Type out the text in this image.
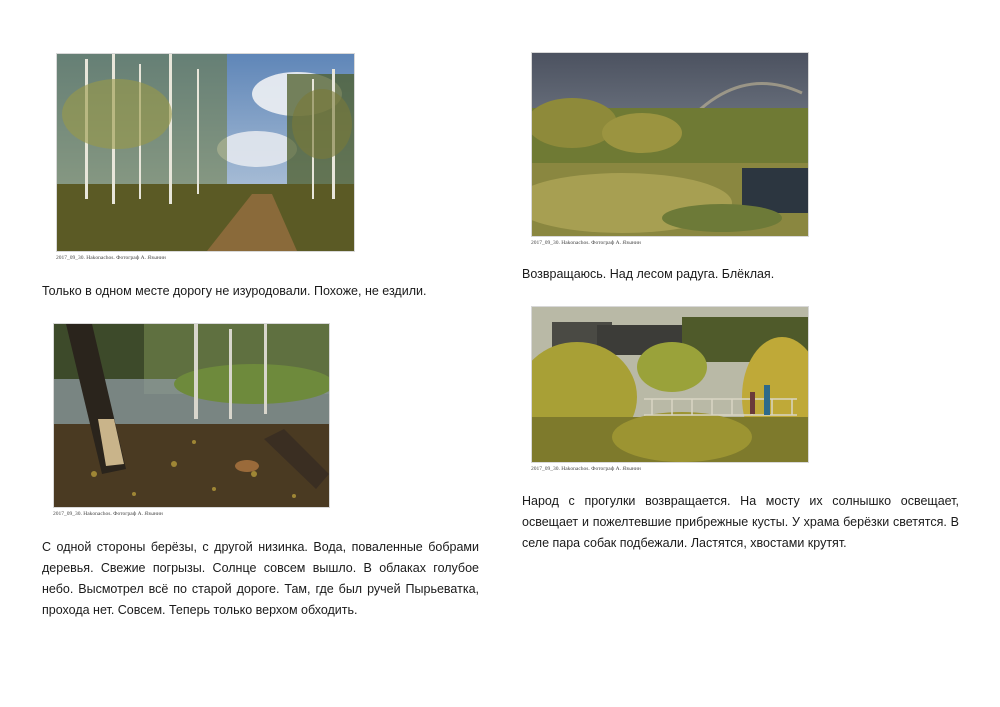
2017_09_30. Hakonachos. Фотограф А. Язынин
2017_09_30. Hakonachos. Фотограф А. Язынин
Только в одном месте дорогу не изуродовали. Похоже, не ездили.
Возвращаюсь. Над лесом радуга. Блёклая.
2017_09_30. Hakonachos. Фотограф А. Язынин
2017_09_30. Hakonachos. Фотограф А. Язынин
С одной стороны берёзы, с другой низинка. Вода, поваленные бобрами деревья. Свежие погрызы. Солнце совсем вышло. В облаках голубое небо. Высмотрел всё по старой дороге. Там, где был ручей Пырьеватка, прохода нет. Совсем. Теперь только верхом обходить.
Народ с прогулки возвращается. На мосту их солнышко освещает, освещает и пожелтевшие прибрежные кусты. У храма берёзки светятся. В селе пара собак подбежали. Ластятся, хвостами крутят.
